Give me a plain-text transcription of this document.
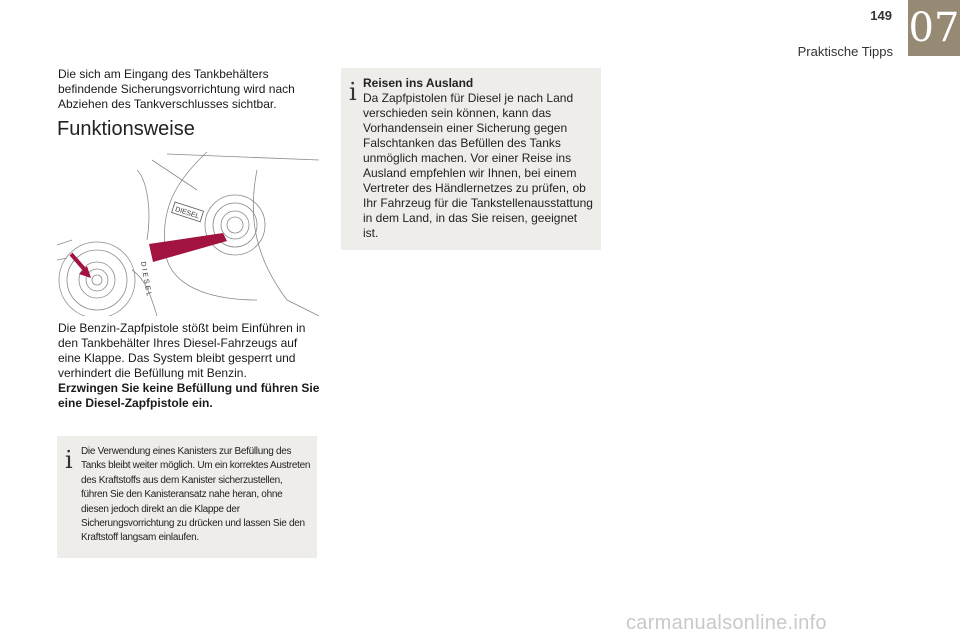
149
Praktische Tipps
07

Die sich am Eingang des Tankbehälters befindende Sicherungsvorrichtung wird nach Abziehen des Tankverschlusses sichtbar.

Funktionsweise
DIESEL
DIESEL

Die Benzin-Zapfpistole stößt beim Einführen in den Tankbehälter Ihres Diesel-Fahrzeugs auf eine Klappe. Das System bleibt gesperrt und verhindert die Befüllung mit Benzin.
Erzwingen Sie keine Befüllung und führen Sie eine Diesel-Zapfpistole ein.

i Die Verwendung eines Kanisters zur Befüllung des Tanks bleibt weiter möglich. Um ein korrektes Austreten des Kraftstoffs aus dem Kanister sicherzustellen, führen Sie den Kanisteransatz nahe heran, ohne diesen jedoch direkt an die Klappe der Sicherungsvorrichtung zu drücken und lassen Sie den Kraftstoff langsam einlaufen.

i Reisen ins Ausland
Da Zapfpistolen für Diesel je nach Land verschieden sein können, kann das Vorhandensein einer Sicherung gegen Falschtanken das Befüllen des Tanks unmöglich machen. Vor einer Reise ins Ausland empfehlen wir Ihnen, bei einem Vertreter des Händlernetzes zu prüfen, ob Ihr Fahrzeug für die Tankstellenausstattung in dem Land, in das Sie reisen, geeignet ist.

carmanualsonline.info
